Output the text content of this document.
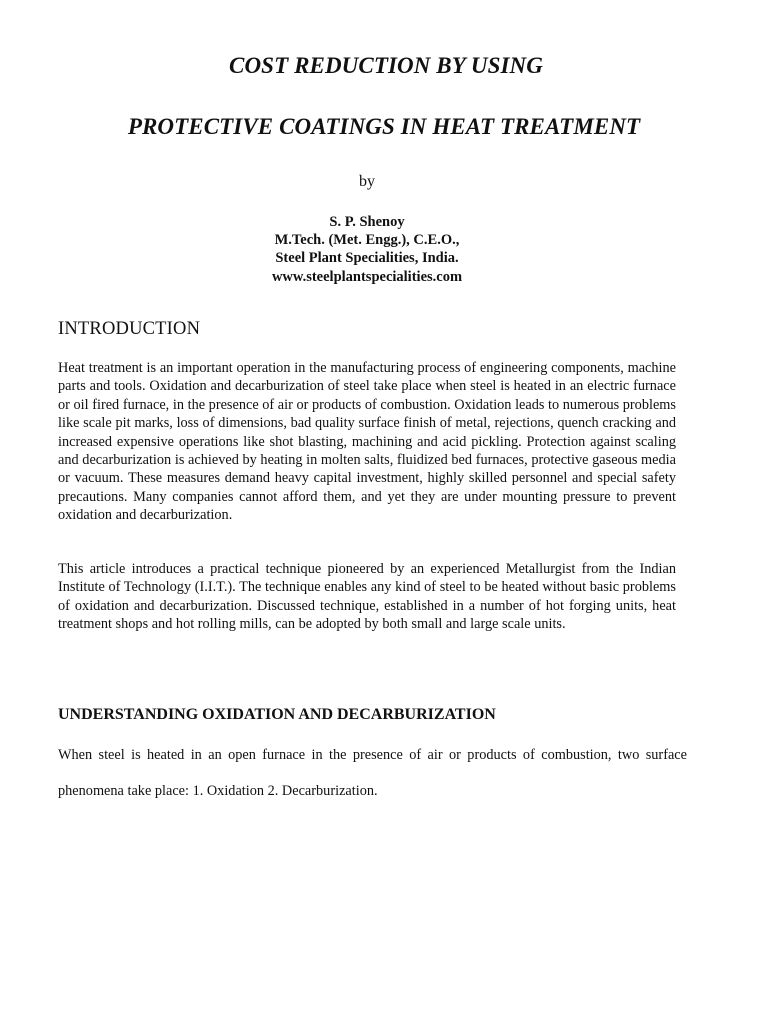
COST REDUCTION BY USING
PROTECTIVE COATINGS IN HEAT TREATMENT
by
S. P. Shenoy
M.Tech. (Met. Engg.), C.E.O.,
Steel Plant Specialities, India.
www.steelplantspecialities.com
INTRODUCTION

Heat treatment is an important operation in the manufacturing process of engineering components, machine parts and tools. Oxidation and decarburization of steel take place when steel is heated in an electric furnace or oil fired furnace, in the presence of air or products of combustion. Oxidation leads to numerous problems like scale pit marks, loss of dimensions, bad quality surface finish of metal, rejections, quench cracking and increased expensive operations like shot blasting, machining and acid pickling. Protection against scaling and decarburization is achieved by heating in molten salts, fluidized bed furnaces, protective gaseous media or vacuum. These measures demand heavy capital investment, highly skilled personnel and special safety precautions. Many companies cannot afford them, and yet they are under mounting pressure to prevent oxidation and decarburization.

This article introduces a practical technique pioneered by an experienced Metallurgist from the Indian Institute of Technology (I.I.T.). The technique enables any kind of steel to be heated without basic problems of oxidation and decarburization. Discussed technique, established in a number of hot forging units, heat treatment shops and hot rolling mills, can be adopted by both small and large scale units.

UNDERSTANDING OXIDATION AND DECARBURIZATION

When steel is heated in an open furnace in the presence of air or products of combustion, two surface phenomena take place: 1. Oxidation 2. Decarburization.
